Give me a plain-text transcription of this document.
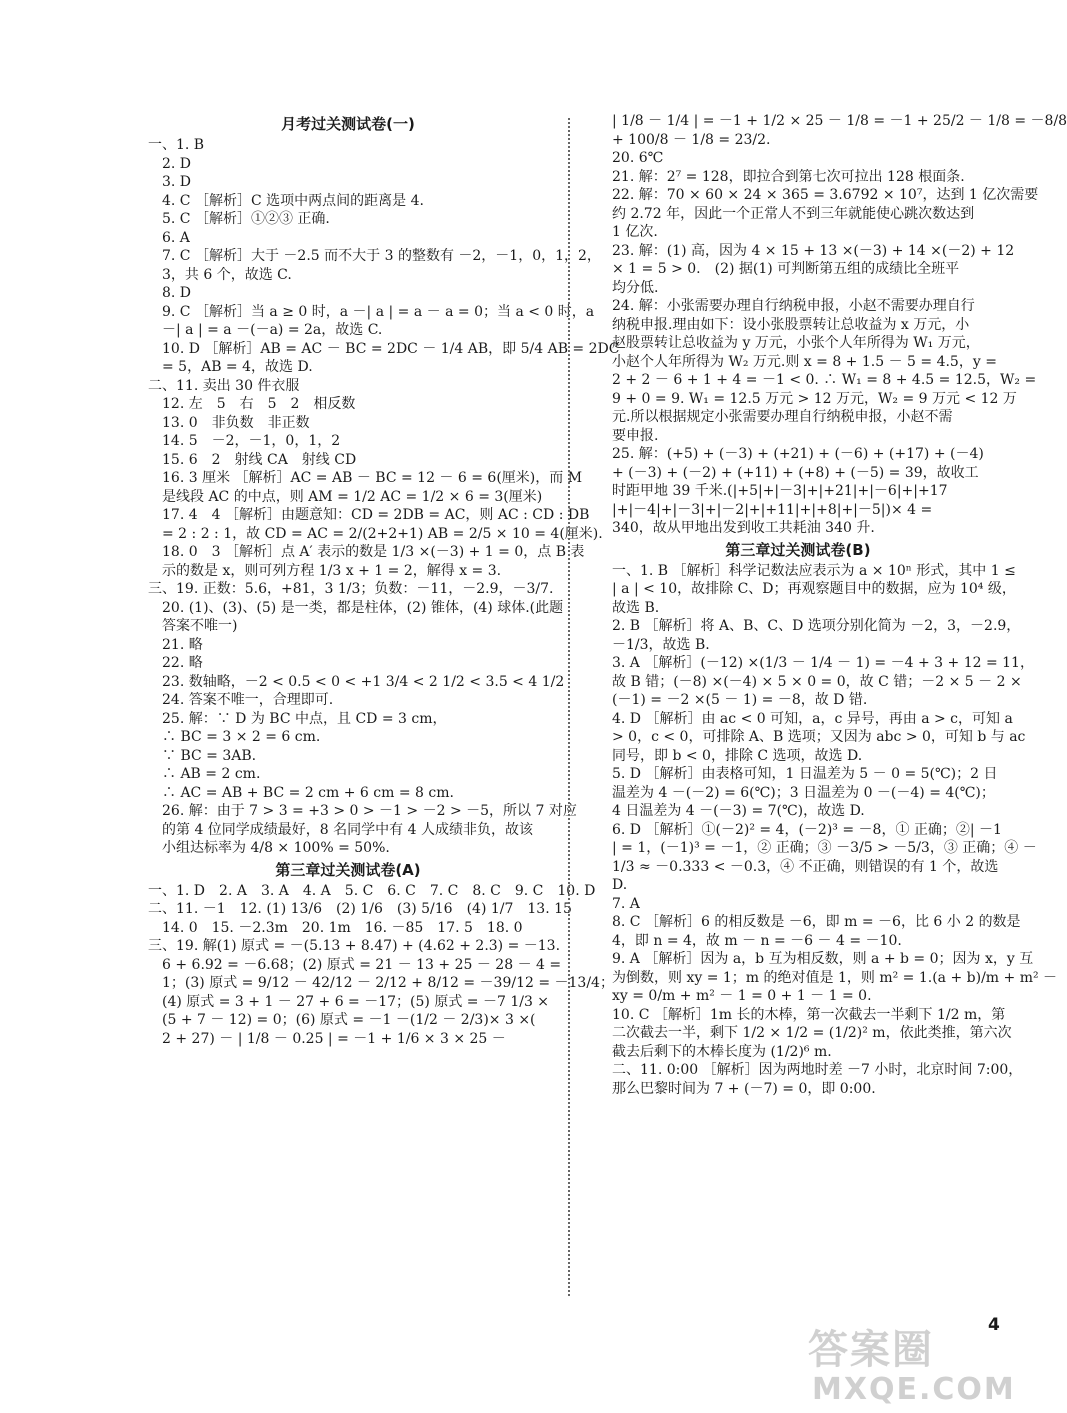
月考过关测试卷(一)
一、1. B
　2. D
　3. D
　4. C ［解析］C 选项中两点间的距离是 4.
　5. C ［解析］①②③ 正确.
　6. A
　7. C ［解析］大于 －2.5 而不大于 3 的整数有 －2，－1，0，1，2，
　3，共 6 个，故选 C.
　8. D
　9. C ［解析］当 a ≥ 0 时，a －| a | = a － a = 0；当 a < 0 时，a
　－| a | = a －(－a) = 2a，故选 C.
　10. D ［解析］AB = AC － BC = 2DC － 1/4 AB，即 5/4 AB = 2DC
　= 5，AB = 4，故选 D.
二、11. 卖出 30 件衣服
　12. 左　5　右　5　2　相反数
　13. 0　非负数　非正数
　14. 5　－2，－1，0，1，2
　15. 6　2　射线 CA　射线 CD
　16. 3 厘米 ［解析］AC = AB － BC = 12 － 6 = 6(厘米)，而 M
　是线段 AC 的中点，则 AM = 1/2 AC = 1/2 × 6 = 3(厘米)
　17. 4　4 ［解析］由题意知：CD = 2DB = AC，则 AC : CD : DB
　= 2 : 2 : 1，故 CD = AC = 2/(2+2+1) AB = 2/5 × 10 = 4(厘米).
　18. 0　3 ［解析］点 A′ 表示的数是 1/3 ×(－3) + 1 = 0，点 B 表
　示的数是 x，则可列方程 1/3 x + 1 = 2，解得 x = 3.
三、19. 正数：5.6，+81，3 1/3；负数：－11，－2.9，－3/7.
　20. (1)、(3)、(5) 是一类，都是柱体，(2) 锥体，(4) 球体.(此题
　答案不唯一)
　21. 略
　22. 略
　23. 数轴略，－2 < 0.5 < 0 < +1 3/4 < 2 1/2 < 3.5 < 4 1/2
　24. 答案不唯一，合理即可.
　25. 解：∵ D 为 BC 中点，且 CD = 3 cm，
　∴ BC = 3 × 2 = 6 cm.
　∵ BC = 3AB.
　∴ AB = 2 cm.
　∴ AC = AB + BC = 2 cm + 6 cm = 8 cm.
　26. 解：由于 7 > 3 = +3 > 0 > －1 > －2 > －5，所以 7 对应
　的第 4 位同学成绩最好，8 名同学中有 4 人成绩非负，故该
　小组达标率为 4/8 × 100% = 50%.
第三章过关测试卷(A)
一、1. D　2. A　3. A　4. A　5. C　6. C　7. C　8. C　9. C　10. D
二、11. －1　12. (1) 13/6　(2) 1/6　(3) 5/16　(4) 1/7　13. 15
　14. 0　15. －2.3m　20. 1m　16. －85　17. 5　18. 0
三、19. 解(1) 原式 = －(5.13 + 8.47) + (4.62 + 2.3) = －13.
　6 + 6.92 = －6.68；(2) 原式 = 21 － 13 + 25 － 28 － 4 =
　1；(3) 原式 = 9/12 － 42/12 － 2/12 + 8/12 = －39/12 = －13/4；
　(4) 原式 = 3 + 1 － 27 + 6 = －17；(5) 原式 = －7 1/3 ×
　(5 + 7 － 12) = 0；(6) 原式 = －1 －(1/2 － 2/3)× 3 ×(
　2 + 27) － | 1/8 － 0.25 | = －1 + 1/6 × 3 × 25 －
| 1/8 － 1/4 | = －1 + 1/2 × 25 － 1/8 = －1 + 25/2 － 1/8 = －8/8
+ 100/8 － 1/8 = 23/2.
20. 6℃
21. 解：2⁷ = 128，即拉合到第七次可拉出 128 根面条.
22. 解：70 × 60 × 24 × 365 = 3.6792 × 10⁷，达到 1 亿次需要
约 2.72 年，因此一个正常人不到三年就能使心跳次数达到
1 亿次.
23. 解：(1) 高，因为 4 × 15 + 13 ×(－3) + 14 ×(－2) + 12
× 1 = 5 > 0.　(2) 据(1) 可判断第五组的成绩比全班平
均分低.
24. 解：小张需要办理自行纳税申报，小赵不需要办理自行
纳税申报.理由如下：设小张股票转让总收益为 x 万元，小
赵股票转让总收益为 y 万元，小张个人年所得为 W₁ 万元，
小赵个人年所得为 W₂ 万元.则 x = 8 + 1.5 － 5 = 4.5，y =
2 + 2 － 6 + 1 + 4 = －1 < 0. ∴ W₁ = 8 + 4.5 = 12.5，W₂ =
9 + 0 = 9. W₁ = 12.5 万元 > 12 万元，W₂ = 9 万元 < 12 万
元.所以根据规定小张需要办理自行纳税申报，小赵不需
要申报.
25. 解：(+5) + (－3) + (+21) + (－6) + (+17) + (－4)
+ (－3) + (－2) + (+11) + (+8) + (－5) = 39，故收工
时距甲地 39 千米.(|+5|+|－3|+|+21|+|－6|+|+17
|+|－4|+|－3|+|－2|+|+11|+|+8|+|－5|)× 4 =
340，故从甲地出发到收工共耗油 340 升.
第三章过关测试卷(B)
一、1. B ［解析］科学记数法应表示为 a × 10ⁿ 形式，其中 1 ≤
| a | < 10，故排除 C、D；再观察题目中的数据，应为 10⁴ 级，
故选 B.
2. B ［解析］将 A、B、C、D 选项分别化简为 －2，3，－2.9，
－1/3，故选 B.
3. A ［解析］(－12) ×(1/3 － 1/4 － 1) = －4 + 3 + 12 = 11，
故 B 错；(－8) ×(－4) × 5 × 0 = 0，故 C 错；－2 × 5 － 2 ×
(－1) = －2 ×(5 － 1) = －8，故 D 错.
4. D ［解析］由 ac < 0 可知，a，c 异号，再由 a > c，可知 a
> 0，c < 0，可排除 A、B 选项；又因为 abc > 0，可知 b 与 ac
同号，即 b < 0，排除 C 选项，故选 D.
5. D ［解析］由表格可知，1 日温差为 5 － 0 = 5(℃)；2 日
温差为 4 －(－2) = 6(℃)；3 日温差为 0 －(－4) = 4(℃)；
4 日温差为 4 －(－3) = 7(℃)，故选 D.
6. D ［解析］①(－2)² = 4，(－2)³ = －8，① 正确；②| －1
| = 1，(－1)³ = －1，② 正确；③ －3/5 > －5/3，③ 正确；④ －
1/3 ≈ －0.333 < －0.3，④ 不正确，则错误的有 1 个，故选
D.
7. A
8. C ［解析］6 的相反数是 －6，即 m = －6，比 6 小 2 的数是
4，即 n = 4，故 m － n = －6 － 4 = －10.
9. A ［解析］因为 a，b 互为相反数，则 a + b = 0；因为 x，y 互
为倒数，则 xy = 1；m 的绝对值是 1，则 m² = 1.(a + b)/m + m² －
xy = 0/m + m² － 1 = 0 + 1 － 1 = 0.
10. C ［解析］1m 长的木棒，第一次截去一半剩下 1/2 m，第
二次截去一半，剩下 1/2 × 1/2 = (1/2)² m，依此类推，第六次
截去后剩下的木棒长度为 (1/2)⁶ m.
二、11. 0:00 ［解析］因为两地时差 －7 小时，北京时间 7:00，
那么巴黎时间为 7 + (－7) = 0，即 0:00.
4
答案圈
MXQE.COM
